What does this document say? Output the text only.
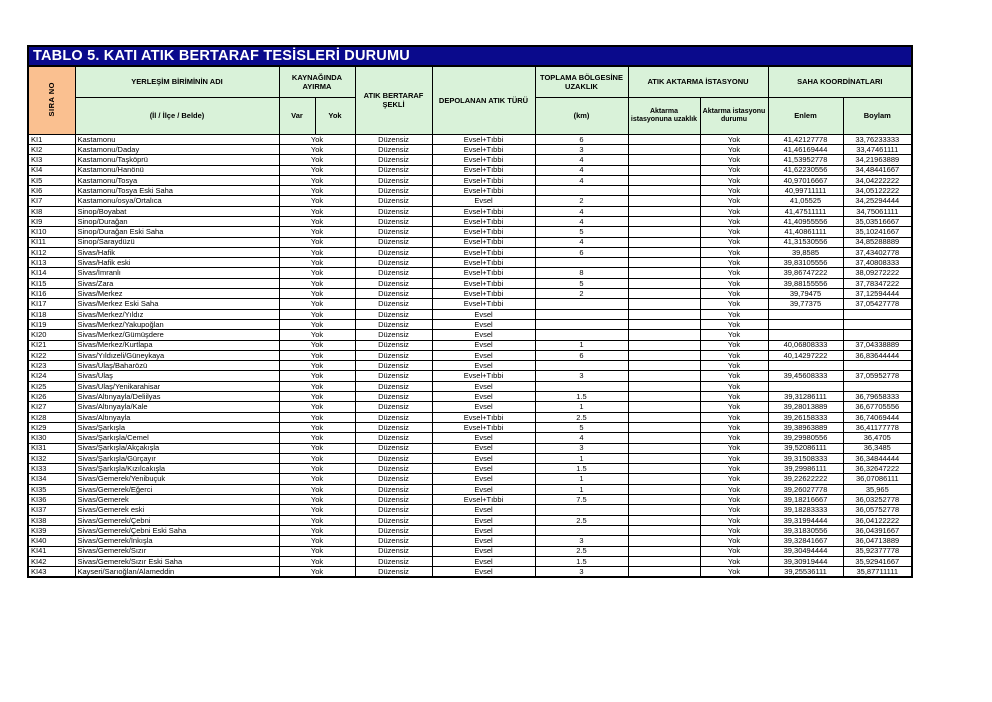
TABLO 5. KATI ATIK BERTARAF TESİSLERİ DURUMU										
SIRA NO	YERLEŞİM BİRİMİNİN ADI	KAYNAĞINDA AYIRMA		ATIK BERTARAF ŞEKLİ	DEPOLANAN ATIK TÜRÜ	TOPLAMA BÖLGESİNE UZAKLIK	ATIK AKTARMA İSTASYONU		SAHA KOORDİNATLARI	
	(İl / İlçe / Belde)	Var	Yok			(km)	Aktarma istasyonuna uzaklık	Aktarma istasyonu durumu	Enlem	Boylam
KI1	Kastamonu	Yok		Düzensiz	Evsel+Tıbbi	6		Yok	41,42127778	33,76233333
KI2	Kastamonu/Daday	Yok		Düzensiz	Evsel+Tıbbi	3		Yok	41,46169444	33,47461111
KI3	Kastamonu/Taşköprü	Yok		Düzensiz	Evsel+Tıbbi	4		Yok	41,53952778	34,21963889
KI4	Kastamonu/Hanönü	Yok		Düzensiz	Evsel+Tıbbi	4		Yok	41,62230556	34,48441667
KI5	Kastamonu/Tosya	Yok		Düzensiz	Evsel+Tıbbi	4		Yok	40,97016667	34,04222222
KI6	Kastamonu/Tosya Eski Saha	Yok		Düzensiz	Evsel+Tıbbi			Yok	40,99711111	34,05122222
KI7	Kastamonu/osya/Ortalıca	Yok		Düzensiz	Evsel	2		Yok	41,05525	34,25294444
KI8	Sinop/Boyabat	Yok		Düzensiz	Evsel+Tıbbi	4		Yok	41,47511111	34,75061111
KI9	Sinop/Durağan	Yok		Düzensiz	Evsel+Tıbbi	4		Yok	41,40955556	35,03516667
KI10	Sinop/Durağan Eski Saha	Yok		Düzensiz	Evsel+Tıbbi	5		Yok	41,40861111	35,10241667
KI11	Sinop/Saraydüzü	Yok		Düzensiz	Evsel+Tıbbi	4		Yok	41,31530556	34,85288889
KI12	Sivas/Hafik	Yok		Düzensiz	Evsel+Tıbbi	6		Yok	39,8585	37,43402778
KI13	Sivas/Hafik eski	Yok		Düzensiz	Evsel+Tıbbi			Yok	39,83105556	37,40808333
KI14	Sivas/İmranlı	Yok		Düzensiz	Evsel+Tıbbi	8		Yok	39,86747222	38,09272222
KI15	Sivas/Zara	Yok		Düzensiz	Evsel+Tıbbi	5		Yok	39,88155556	37,78347222
KI16	Sivas/Merkez	Yok		Düzensiz	Evsel+Tıbbi	2		Yok	39,79475	37,12594444
KI17	Sivas/Merkez Eski Saha	Yok		Düzensiz	Evsel+Tıbbi			Yok	39,77375	37,05427778
KI18	Sivas/Merkez/Yıldız	Yok		Düzensiz	Evsel			Yok		
KI19	Sivas/Merkez/Yakupoğlan	Yok		Düzensiz	Evsel			Yok		
KI20	Sivas/Merkez/Gümüşdere	Yok		Düzensiz	Evsel			Yok		
KI21	Sivas/Merkez/Kurtlapa	Yok		Düzensiz	Evsel	1		Yok	40,06808333	37,04338889
KI22	Sivas/Yıldızeli/Güneykaya	Yok		Düzensiz	Evsel	6		Yok	40,14297222	36,83644444
KI23	Sivas/Ulaş/Baharözü	Yok		Düzensiz	Evsel			Yok		
KI24	Sivas/Ulaş	Yok		Düzensiz	Evsel+Tıbbi	3		Yok	39,45608333	37,05952778
KI25	Sivas/Ulaş/Yenikarahisar	Yok		Düzensiz	Evsel			Yok		
KI26	Sivas/Altınyayla/Deliilyas	Yok		Düzensiz	Evsel	1.5		Yok	39,31286111	36,79658333
KI27	Sivas/Altınyayla/Kale	Yok		Düzensiz	Evsel	1		Yok	39,28013889	36,67705556
KI28	Sivas/Altınyayla	Yok		Düzensiz	Evsel+Tıbbi	2.5		Yok	39,26158333	36,74069444
KI29	Sivas/Şarkışla	Yok		Düzensiz	Evsel+Tıbbi	5		Yok	39,38963889	36,41177778
KI30	Sivas/Şarkışla/Cemel	Yok		Düzensiz	Evsel	4		Yok	39,29980556	36,4705
KI31	Sivas/Şarkışla/Akçakışla	Yok		Düzensiz	Evsel	3		Yok	39,52086111	36,3485
KI32	Sivas/Şarkışla/Gürçayır	Yok		Düzensiz	Evsel	1		Yok	39,31508333	36,34844444
KI33	Sivas/Şarkışla/Kızılcakışla	Yok		Düzensiz	Evsel	1.5		Yok	39,29986111	36,32647222
KI34	Sivas/Gemerek/Yenibuçuk	Yok		Düzensiz	Evsel	1		Yok	39,22622222	36,07086111
KI35	Sivas/Gemerek/Eğerci	Yok		Düzensiz	Evsel	1		Yok	39,26027778	35,965
KI36	Sivas/Gemerek	Yok		Düzensiz	Evsel+Tıbbi	7.5		Yok	39,18216667	36,03252778
KI37	Sivas/Gemerek eski	Yok		Düzensiz	Evsel			Yok	39,18283333	36,05752778
KI38	Sivas/Gemerek/Çebni	Yok		Düzensiz	Evsel	2.5		Yok	39,31994444	36,04122222
KI39	Sivas/Gemerek/Çebni Eski Saha	Yok		Düzensiz	Evsel			Yok	39,31830556	36,04391667
KI40	Sivas/Gemerek/İnkışla	Yok		Düzensiz	Evsel	3		Yok	39,32841667	36,04713889
KI41	Sivas/Gemerek/Sızır	Yok		Düzensiz	Evsel	2.5		Yok	39,30494444	35,92377778
KI42	Sivas/Gemerek/Sızır Eski Saha	Yok		Düzensiz	Evsel	1.5		Yok	39,30919444	35,92941667
KI43	Kayseri/Sarıoğlan/Alameddin	Yok		Düzensiz	Evsel	3		Yok	39,25536111	35,87711111
